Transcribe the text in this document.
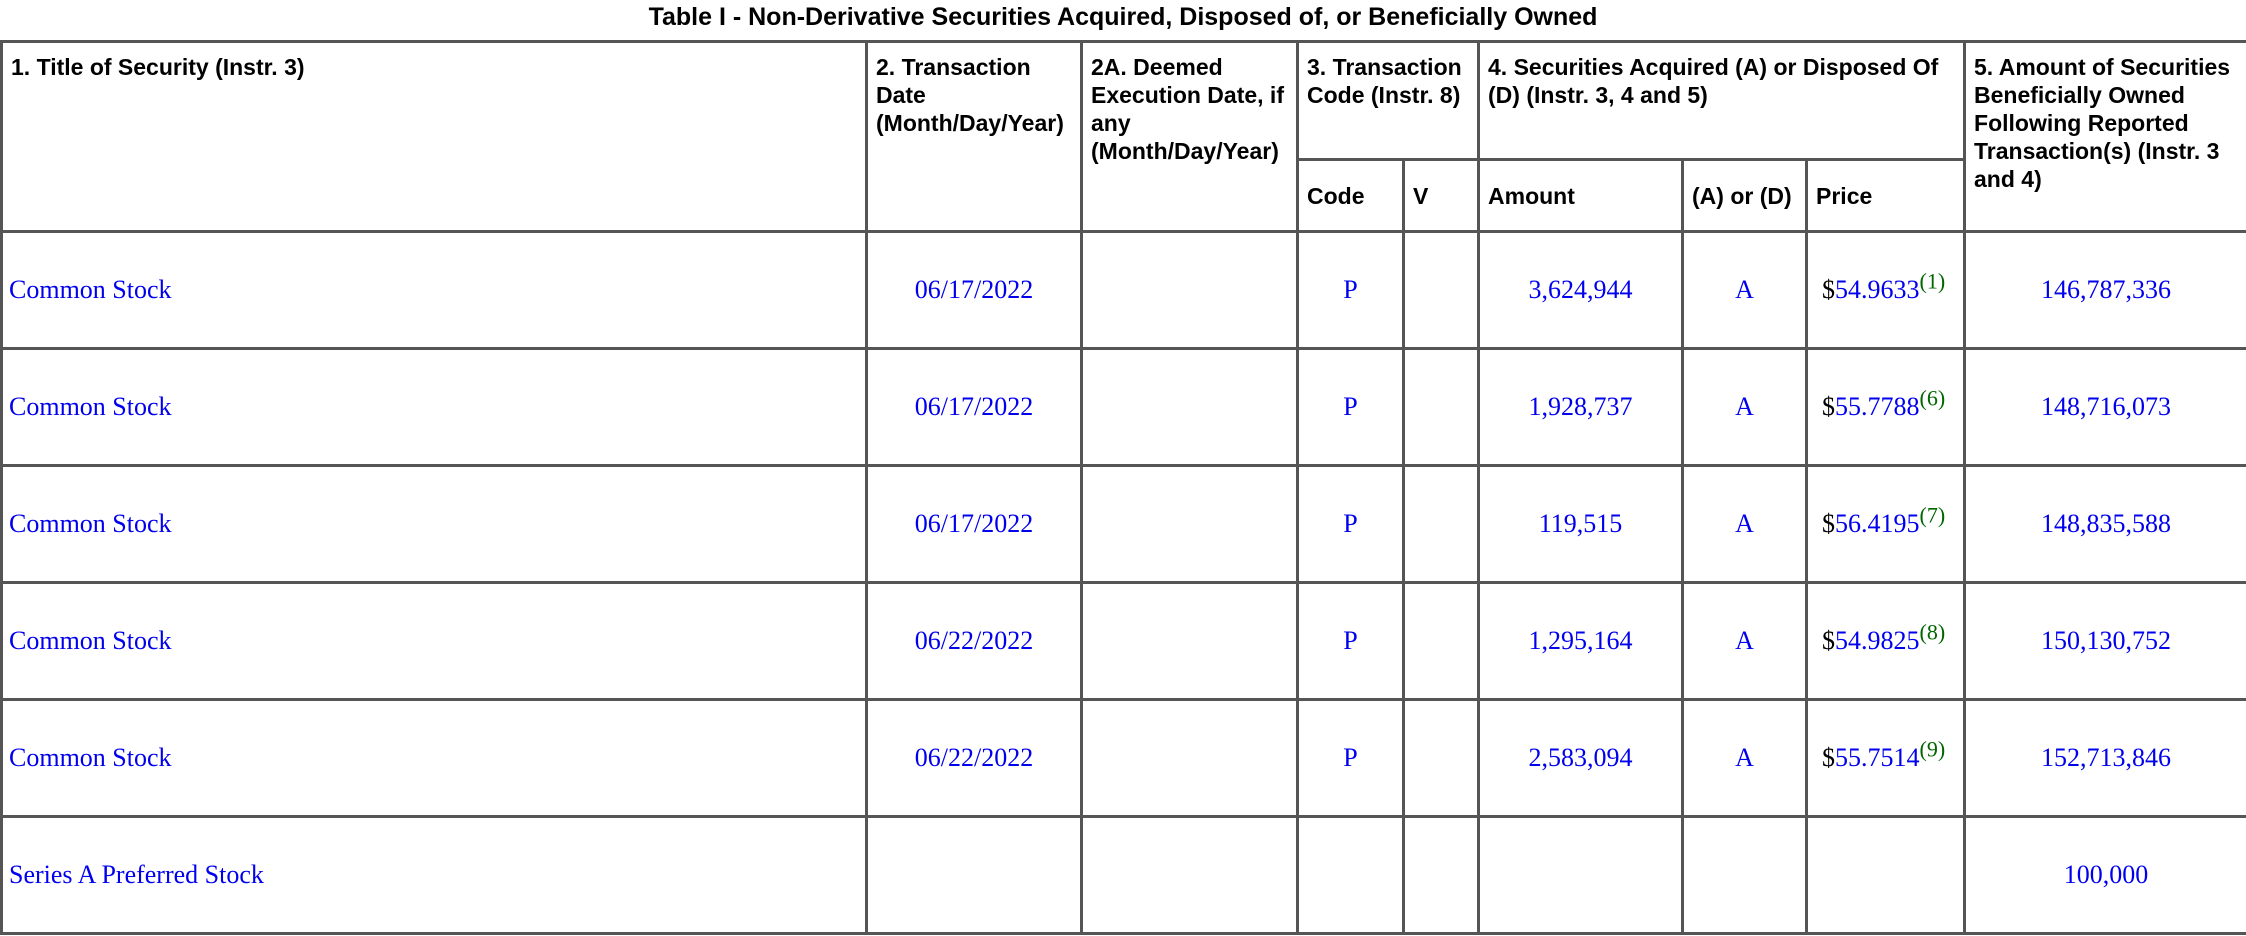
Table I - Non-Derivative Securities Acquired, Disposed of, or Beneficially Owned
1. Title of Security (Instr. 3)	2. Transaction Date (Month/Day/Year)	2A. Deemed Execution Date, if any (Month/Day/Year)	3. Transaction Code (Instr. 8)		4. Securities Acquired (A) or Disposed Of (D) (Instr. 3, 4 and 5)			5. Amount of Securities Beneficially Owned Following Reported Transaction(s) (Instr. 3 and 4)
			Code	V	Amount	(A) or (D)	Price	
Common Stock	06/17/2022		P		3,624,944	A	$54.9633$^{(1)}$	146,787,336
Common Stock	06/17/2022		P		1,928,737	A	$55.7788$^{(6)}$	148,716,073
Common Stock	06/17/2022		P		119,515	A	$56.4195$^{(7)}$	148,835,588
Common Stock	06/22/2022		P		1,295,164	A	$54.9825$^{(8)}$	150,130,752
Common Stock	06/22/2022		P		2,583,094	A	$55.7514$^{(9)}$	152,713,846
Series A Preferred Stock								100,000
